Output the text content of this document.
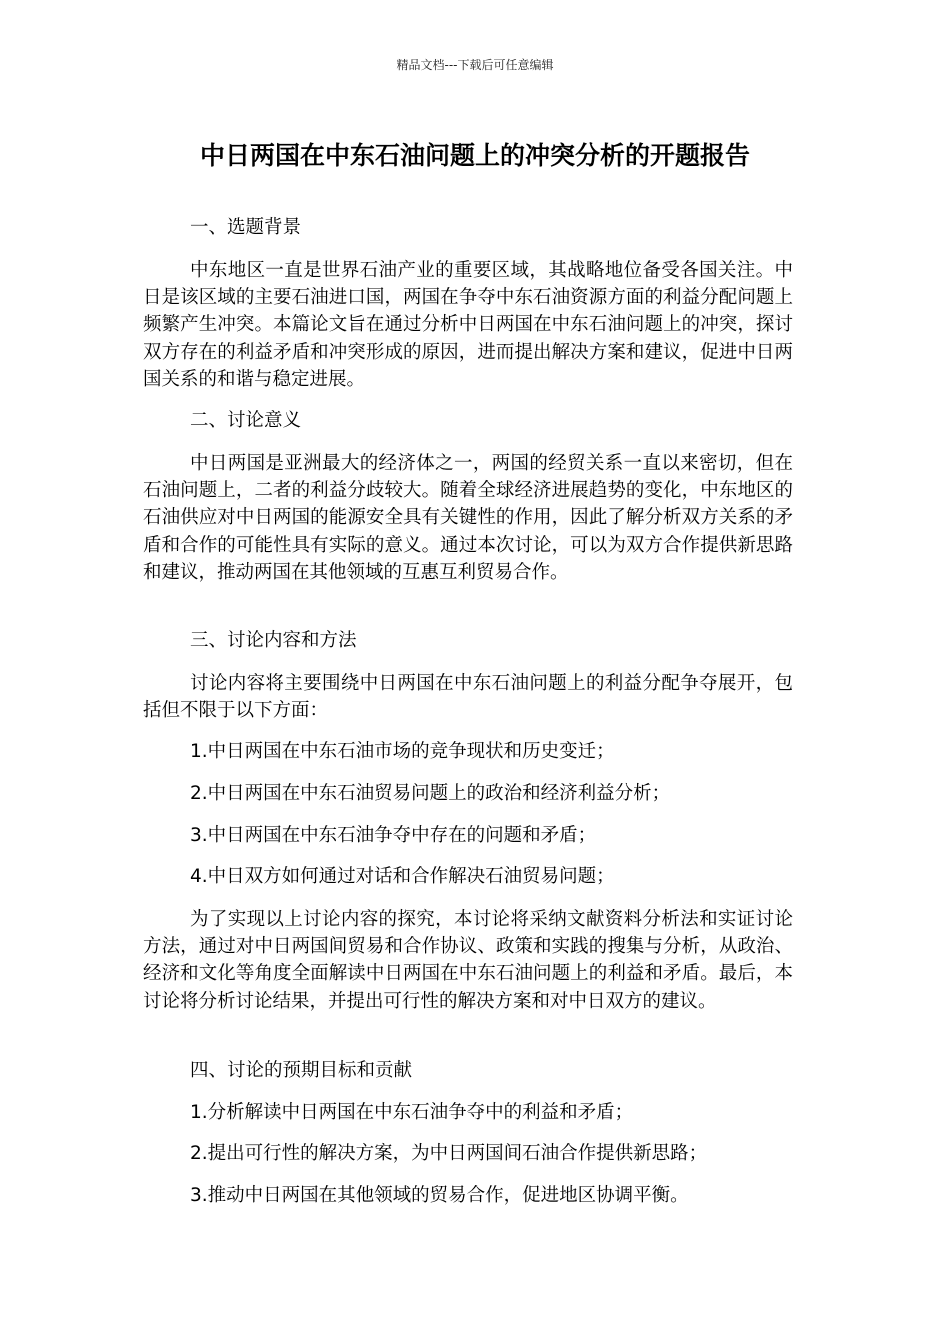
精品文档---下载后可任意编辑
中日两国在中东石油问题上的冲突分析的开题报告

一、选题背景

中东地区一直是世界石油产业的重要区域，其战略地位备受各国关注。中日是该区域的主要石油进口国，两国在争夺中东石油资源方面的利益分配问题上频繁产生冲突。本篇论文旨在通过分析中日两国在中东石油问题上的冲突，探讨双方存在的利益矛盾和冲突形成的原因，进而提出解决方案和建议，促进中日两国关系的和谐与稳定进展。

二、讨论意义

中日两国是亚洲最大的经济体之一，两国的经贸关系一直以来密切，但在石油问题上，二者的利益分歧较大。随着全球经济进展趋势的变化，中东地区的石油供应对中日两国的能源安全具有关键性的作用，因此了解分析双方关系的矛盾和合作的可能性具有实际的意义。通过本次讨论，可以为双方合作提供新思路和建议，推动两国在其他领域的互惠互利贸易合作。

三、讨论内容和方法

讨论内容将主要围绕中日两国在中东石油问题上的利益分配争夺展开，包括但不限于以下方面：

1.中日两国在中东石油市场的竞争现状和历史变迁；

2.中日两国在中东石油贸易问题上的政治和经济利益分析；

3.中日两国在中东石油争夺中存在的问题和矛盾；

4.中日双方如何通过对话和合作解决石油贸易问题；

为了实现以上讨论内容的探究，本讨论将采纳文献资料分析法和实证讨论方法，通过对中日两国间贸易和合作协议、政策和实践的搜集与分析，从政治、经济和文化等角度全面解读中日两国在中东石油问题上的利益和矛盾。最后，本讨论将分析讨论结果，并提出可行性的解决方案和对中日双方的建议。

四、讨论的预期目标和贡献

1.分析解读中日两国在中东石油争夺中的利益和矛盾；

2.提出可行性的解决方案，为中日两国间石油合作提供新思路；

3.推动中日两国在其他领域的贸易合作，促进地区协调平衡。
